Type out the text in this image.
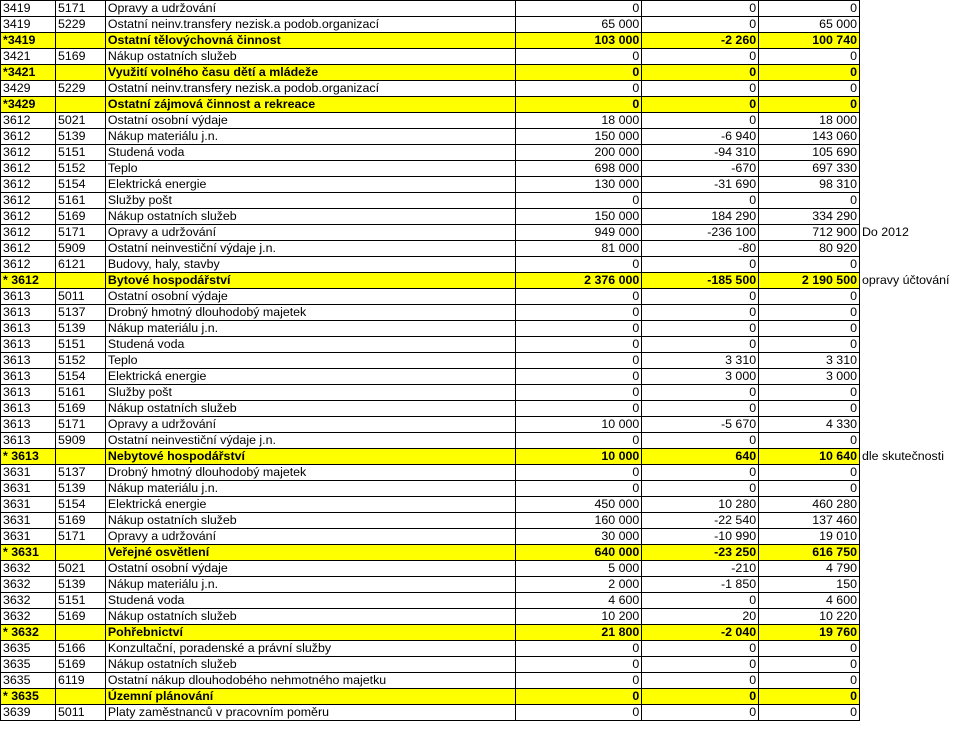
3419	5171	Opravy a udržování	0	0	0	
3419	5229	Ostatní neinv.transfery nezisk.a podob.organizací	65 000	0	65 000	
*3419		Ostatní tělovýchovná činnost	103 000	-2 260	100 740	
3421	5169	Nákup ostatních služeb	0	0	0	
*3421		Využití volného času dětí a mládeže	0	0	0	
3429	5229	Ostatní neinv.transfery nezisk.a podob.organizací	0	0	0	
*3429		Ostatní zájmová činnost a rekreace	0	0	0	
3612	5021	Ostatní osobní výdaje	18 000	0	18 000	
3612	5139	Nákup materiálu j.n.	150 000	-6 940	143 060	
3612	5151	Studená voda	200 000	-94 310	105 690	
3612	5152	Teplo	698 000	-670	697 330	
3612	5154	Elektrická energie	130 000	-31 690	98 310	
3612	5161	Služby pošt	0	0	0	
3612	5169	Nákup ostatních služeb	150 000	184 290	334 290	
3612	5171	Opravy a udržování	949 000	-236 100	712 900	Do 2012
3612	5909	Ostatní neinvestiční výdaje j.n.	81 000	-80	80 920	
3612	6121	Budovy, haly, stavby	0	0	0	
* 3612		Bytové hospodářství	2 376 000	-185 500	2 190 500	opravy účtování
3613	5011	Ostatní osobní výdaje	0	0	0	
3613	5137	Drobný hmotný dlouhodobý majetek	0	0	0	
3613	5139	Nákup materiálu j.n.	0	0	0	
3613	5151	Studená voda	0	0	0	
3613	5152	Teplo	0	3 310	3 310	
3613	5154	Elektrická energie	0	3 000	3 000	
3613	5161	Služby pošt	0	0	0	
3613	5169	Nákup ostatních služeb	0	0	0	
3613	5171	Opravy a udržování	10 000	-5 670	4 330	
3613	5909	Ostatní neinvestiční výdaje j.n.	0	0	0	
* 3613		Nebytové hospodářství	10 000	640	10 640	dle skutečnosti
3631	5137	Drobný hmotný dlouhodobý majetek	0	0	0	
3631	5139	Nákup materiálu j.n.	0	0	0	
3631	5154	Elektrická energie	450 000	10 280	460 280	
3631	5169	Nákup ostatních služeb	160 000	-22 540	137 460	
3631	5171	Opravy a udržování	30 000	-10 990	19 010	
* 3631		Veřejné osvětlení	640 000	-23 250	616 750	
3632	5021	Ostatní osobní výdaje	5 000	-210	4 790	
3632	5139	Nákup materiálu j.n.	2 000	-1 850	150	
3632	5151	Studená voda	4 600	0	4 600	
3632	5169	Nákup ostatních služeb	10 200	20	10 220	
* 3632		Pohřebnictví	21 800	-2 040	19 760	
3635	5166	Konzultační, poradenské a právní služby	0	0	0	
3635	5169	Nákup ostatních služeb	0	0	0	
3635	6119	Ostatní nákup dlouhodobého nehmotného majetku	0	0	0	
* 3635		Územní plánování	0	0	0	
3639	5011	Platy zaměstnanců v pracovním poměru	0	0	0	
